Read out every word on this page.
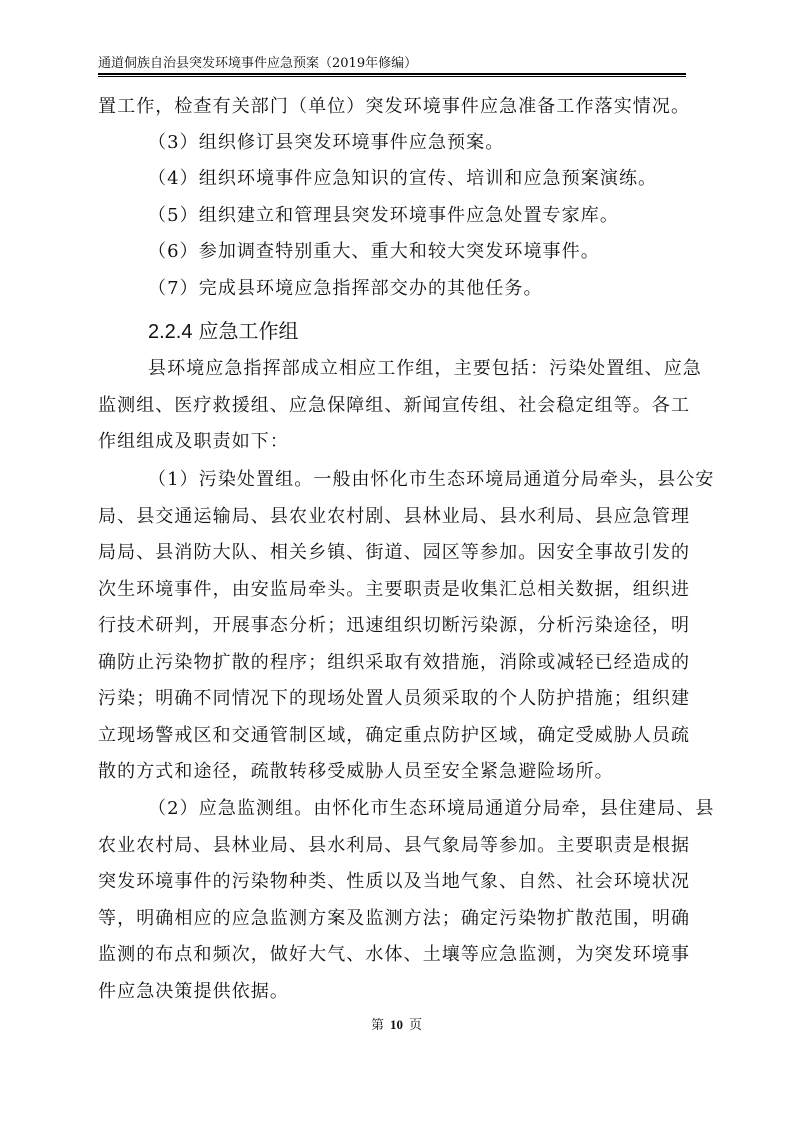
通道侗族自治县突发环境事件应急预案（2019年修编）
置工作，检查有关部门（单位）突发环境事件应急准备工作落实情况。
（3）组织修订县突发环境事件应急预案。
（4）组织环境事件应急知识的宣传、培训和应急预案演练。
（5）组织建立和管理县突发环境事件应急处置专家库。
（6）参加调查特别重大、重大和较大突发环境事件。
（7）完成县环境应急指挥部交办的其他任务。
2.2.4 应急工作组
县环境应急指挥部成立相应工作组，主要包括：污染处置组、应急
监测组、医疗救援组、应急保障组、新闻宣传组、社会稳定组等。各工
作组组成及职责如下：
（1）污染处置组。一般由怀化市生态环境局通道分局牵头，县公安
局、县交通运输局、县农业农村剧、县林业局、县水利局、县应急管理
局局、县消防大队、相关乡镇、街道、园区等参加。因安全事故引发的
次生环境事件，由安监局牵头。主要职责是收集汇总相关数据，组织进
行技术研判，开展事态分析；迅速组织切断污染源，分析污染途径，明
确防止污染物扩散的程序；组织采取有效措施，消除或减轻已经造成的
污染；明确不同情况下的现场处置人员须采取的个人防护措施；组织建
立现场警戒区和交通管制区域，确定重点防护区域，确定受威胁人员疏
散的方式和途径，疏散转移受威胁人员至安全紧急避险场所。
（2）应急监测组。由怀化市生态环境局通道分局牵，县住建局、县
农业农村局、县林业局、县水利局、县气象局等参加。主要职责是根据
突发环境事件的污染物种类、性质以及当地气象、自然、社会环境状况
等，明确相应的应急监测方案及监测方法；确定污染物扩散范围，明确
监测的布点和频次，做好大气、水体、土壤等应急监测，为突发环境事
件应急决策提供依据。
第 10 页
